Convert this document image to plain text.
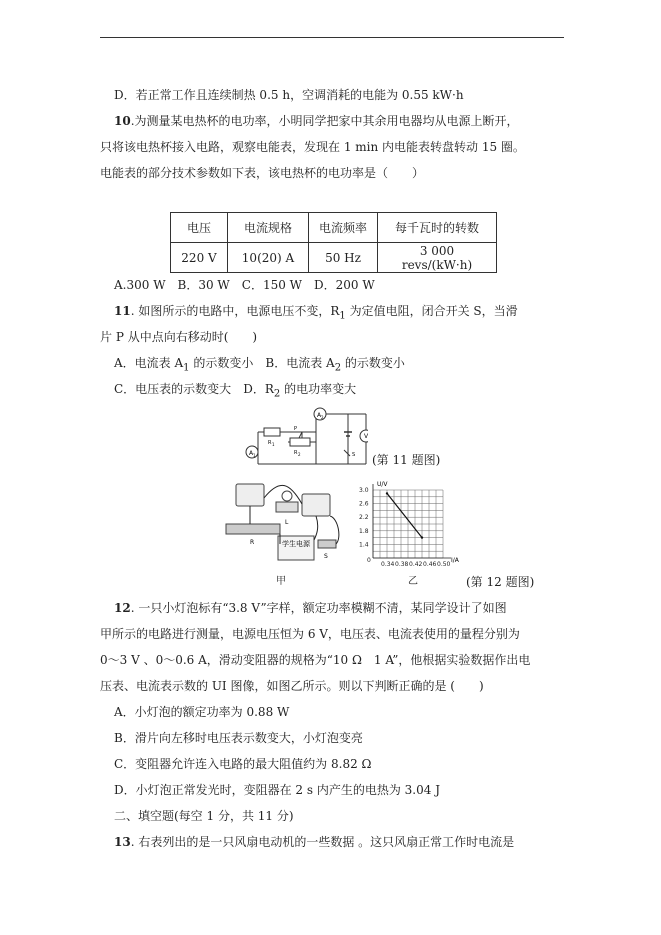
D．若正常工作且连续制热 0.5 h，空调消耗的电能为 0.55 kW·h
10.为测量某电热杯的电功率，小明同学把家中其余用电器均从电源上断开，
只将该电热杯接入电路，观察电能表，发现在 1 min 内电能表转盘转动 15 圈。
电能表的部分技术参数如下表，该电热杯的电功率是（　　）
电压	电流规格	电流频率	每千瓦时的转数
220 V	10(20) A	50 Hz	3 000 revs/(kW·h)
A.300 W　B．30 W　C．150 W　D．200 W
11. 如图所示的电路中，电源电压不变，$R_1$ 为定值电阻，闭合开关 S，当滑
片 P 从中点向右移动时(　　)
A．电流表 $A_1$ 的示数变小　 B．电流表 $A_2$ 的示数变小
C．电压表的示数变大　 D．$R_2$ 的电功率变大
A 1
A 2
V
R 1
R 2
P
S (第 11 题图)
L
R
S
学生电源
甲
0.34 0.38 0.42 0.46 0.50
3.0
2.6
2.2
1.8
1.4
0
U/V
I/A
乙	(第 12 题图)
12. 一只小灯泡标有“3.8 V”字样，额定功率模糊不清，某同学设计了如图
甲所示的电路进行测量，电源电压恒为 6 V，电压表、电流表使用的量程分别为
0～3 V 、0～0.6 A，滑动变阻器的规格为“10 Ω　1 A”，他根据实验数据作出电
压表、电流表示数的 UI 图像，如图乙所示。则以下判断正确的是 (　　)
A．小灯泡的额定功率为 0.88 W
B．滑片向左移时电压表示数变大，小灯泡变亮
C．变阻器允许连入电路的最大阻值约为 8.82 Ω
D．小灯泡正常发光时，变阻器在 2 s 内产生的电热为 3.04 J
二、填空题(每空 1 分，共 11 分)
13. 右表列出的是一只风扇电动机的一些数据 。这只风扇正常工作时电流是
